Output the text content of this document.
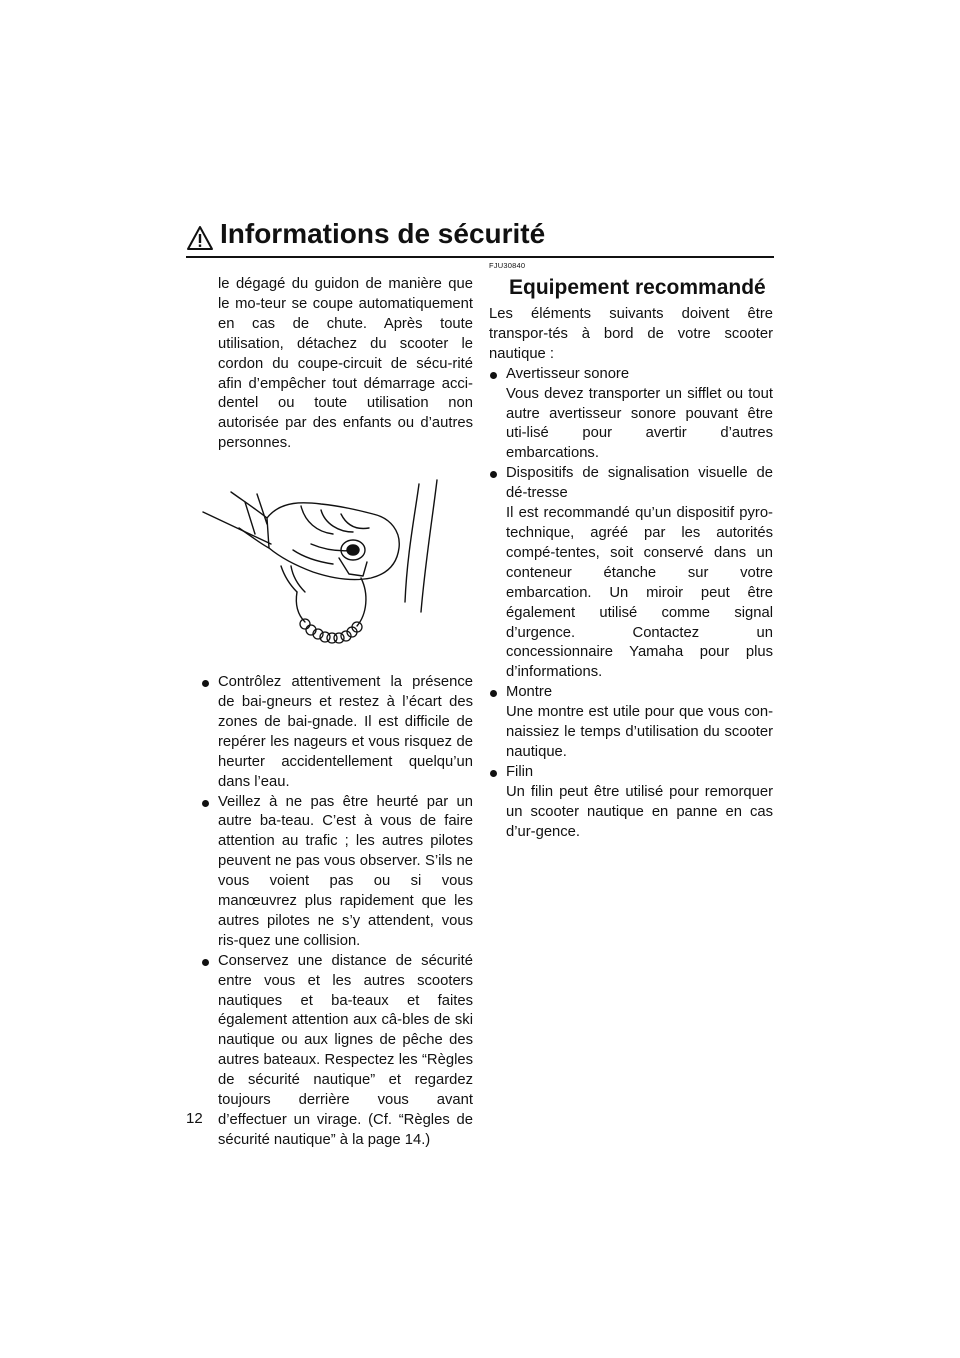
Informations de sécurité

le dégagé du guidon de manière que le mo-teur se coupe automatiquement en cas de chute. Après toute utilisation, détachez du scooter le cordon du coupe-circuit de sécu-rité afin d’empêcher tout démarrage acci-dentel ou toute utilisation non autorisée par des enfants ou d’autres personnes.

Contrôlez attentivement la présence de bai-gneurs et restez à l’écart des zones de bai-gnade. Il est difficile de repérer les nageurs et vous risquez de heurter accidentellement quelqu’un dans l’eau.

Veillez à ne pas être heurté par un autre ba-teau. C’est à vous de faire attention au trafic ; les autres pilotes peuvent ne pas vous observer. S’ils ne vous voient pas ou si vous manœuvrez plus rapidement que les autres pilotes ne s’y attendent, vous ris-quez une collision.

Conservez une distance de sécurité entre vous et les autres scooters nautiques et ba-teaux et faites également attention aux câ-bles de ski nautique ou aux lignes de pêche des autres bateaux. Respectez les “Règles de sécurité nautique” et regardez toujours derrière vous avant d’effectuer un virage. (Cf. “Règles de sécurité nautique” à la page 14.)

FJU30840
Equipement recommandé

Les éléments suivants doivent être transpor-tés à bord de votre scooter nautique :

Avertisseur sonore

Vous devez transporter un sifflet ou tout autre avertisseur sonore pouvant être uti-lisé pour avertir d’autres embarcations.

Dispositifs de signalisation visuelle de dé-tresse

Il est recommandé qu’un dispositif pyro-technique, agréé par les autorités compé-tentes, soit conservé dans un conteneur étanche sur votre embarcation. Un miroir peut être également utilisé comme signal d’urgence. Contactez un concessionnaire Yamaha pour plus d’informations.

Montre

Une montre est utile pour que vous con-naissiez le temps d’utilisation du scooter nautique.

Filin

Un filin peut être utilisé pour remorquer un scooter nautique en panne en cas d’ur-gence.

12
